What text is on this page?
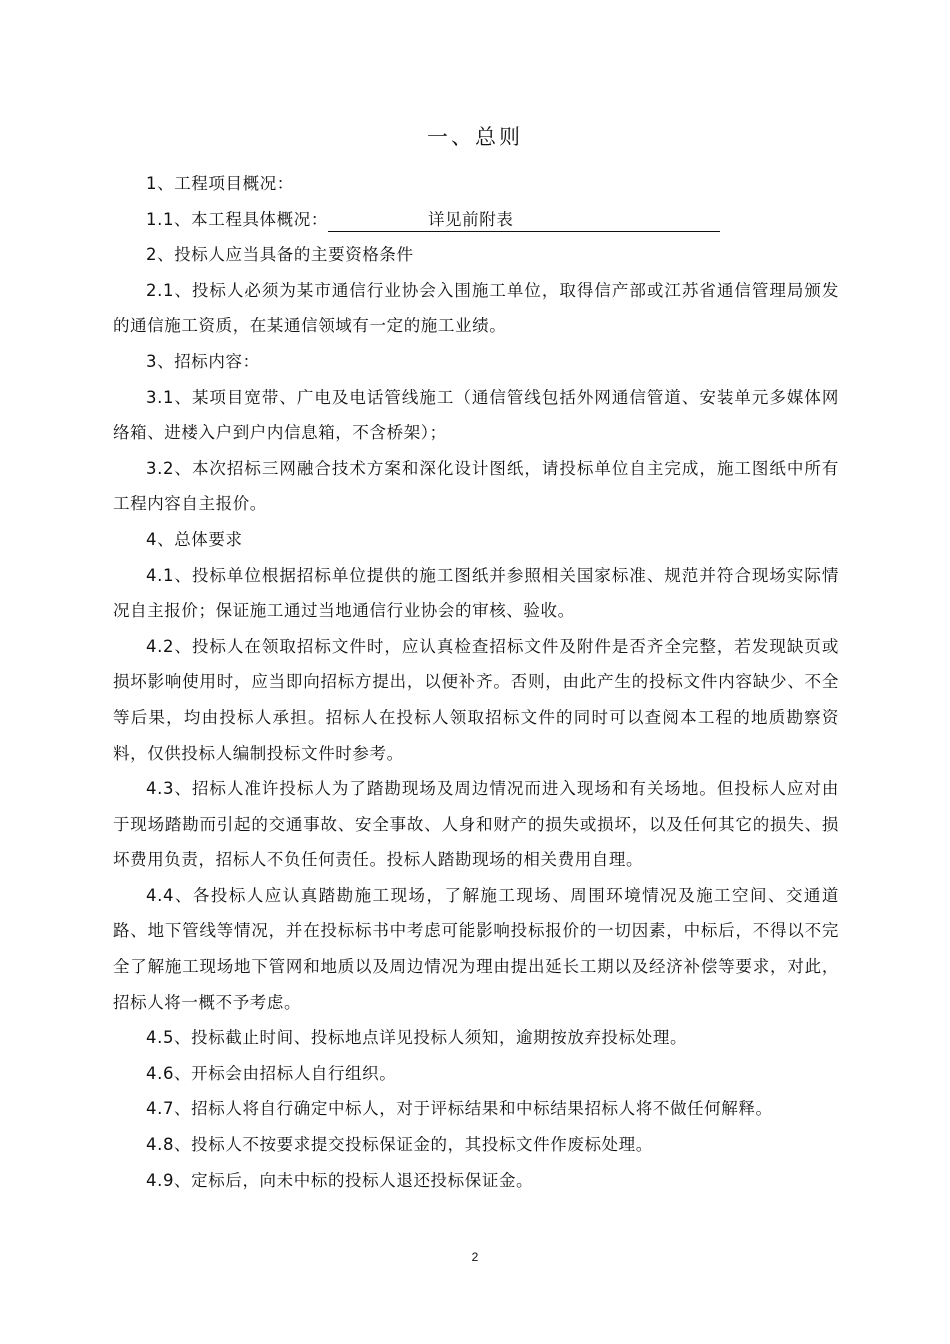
一、总则

1、工程项目概况：

1.1、本工程具体概况：	详见前附表

2、投标人应当具备的主要资格条件

2.1、投标人必须为某市通信行业协会入围施工单位，取得信产部或江苏省通信管理局颁发的通信施工资质，在某通信领域有一定的施工业绩。

3、招标内容：

3.1、某项目宽带、广电及电话管线施工（通信管线包括外网通信管道、安装单元多媒体网络箱、进楼入户到户内信息箱，不含桥架）；

3.2、本次招标三网融合技术方案和深化设计图纸，请投标单位自主完成，施工图纸中所有工程内容自主报价。

4、总体要求

4.1、投标单位根据招标单位提供的施工图纸并参照相关国家标准、规范并符合现场实际情况自主报价；保证施工通过当地通信行业协会的审核、验收。

4.2、投标人在领取招标文件时，应认真检查招标文件及附件是否齐全完整，若发现缺页或损坏影响使用时，应当即向招标方提出，以便补齐。否则，由此产生的投标文件内容缺少、不全等后果，均由投标人承担。招标人在投标人领取招标文件的同时可以查阅本工程的地质勘察资料，仅供投标人编制投标文件时参考。

4.3、招标人准许投标人为了踏勘现场及周边情况而进入现场和有关场地。但投标人应对由于现场踏勘而引起的交通事故、安全事故、人身和财产的损失或损坏，以及任何其它的损失、损坏费用负责，招标人不负任何责任。投标人踏勘现场的相关费用自理。

4.4、各投标人应认真踏勘施工现场，了解施工现场、周围环境情况及施工空间、交通道路、地下管线等情况，并在投标标书中考虑可能影响投标报价的一切因素，中标后，不得以不完全了解施工现场地下管网和地质以及周边情况为理由提出延长工期以及经济补偿等要求，对此，招标人将一概不予考虑。

4.5、投标截止时间、投标地点详见投标人须知，逾期按放弃投标处理。

4.6、开标会由招标人自行组织。

4.7、招标人将自行确定中标人，对于评标结果和中标结果招标人将不做任何解释。

4.8、投标人不按要求提交投标保证金的，其投标文件作废标处理。

4.9、定标后，向未中标的投标人退还投标保证金。

2
